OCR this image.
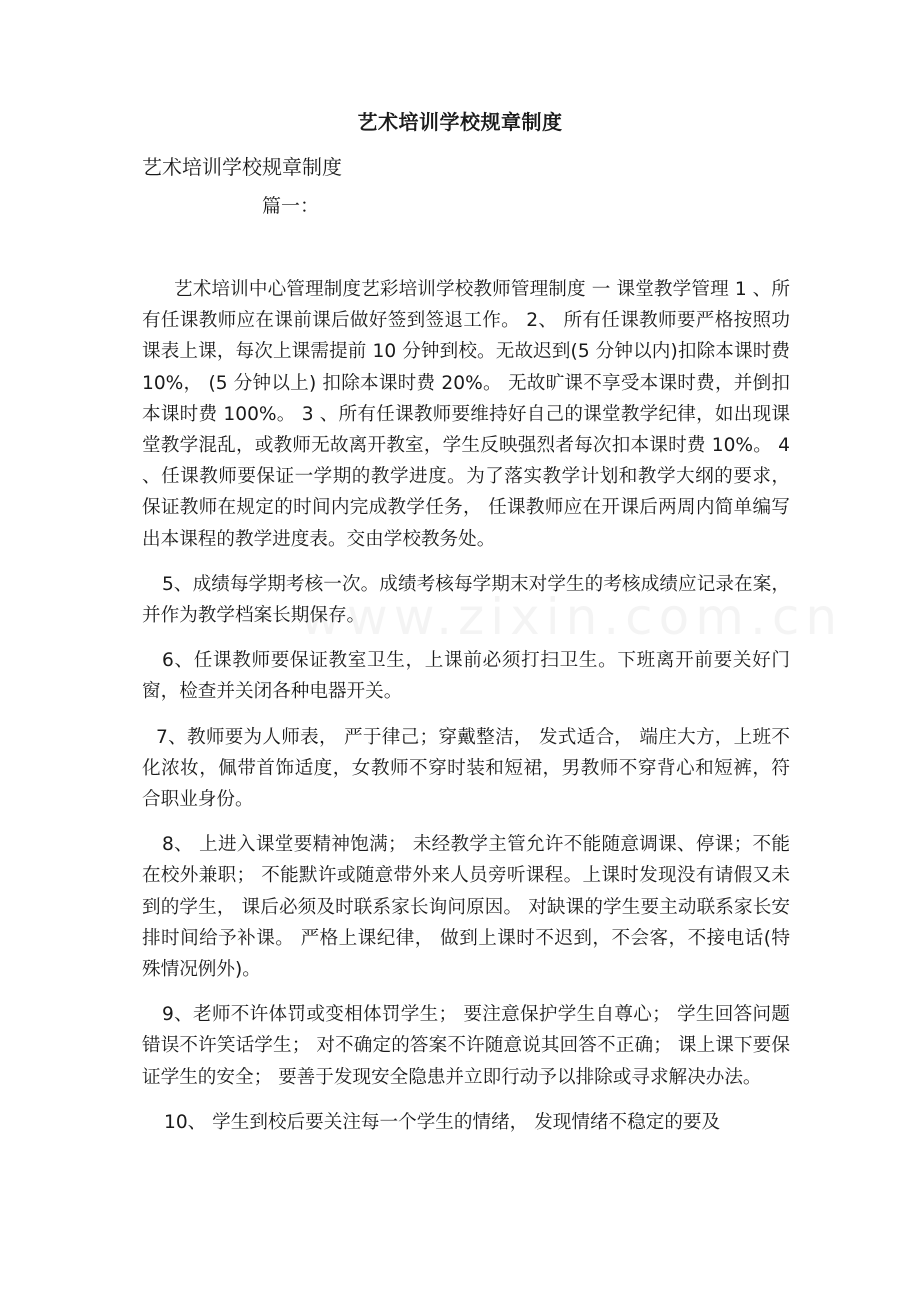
艺术培训学校规章制度
艺术培训学校规章制度
篇一：

艺术培训中心管理制度艺彩培训学校教师管理制度 一 课堂教学管理 1 、所有任课教师应在课前课后做好签到签退工作。 2、 所有任课教师要严格按照功课表上课，每次上课需提前 10 分钟到校。无故迟到(5 分钟以内)扣除本课时费10%， (5 分钟以上) 扣除本课时费 20%。 无故旷课不享受本课时费，并倒扣本课时费 100%。 3 、所有任课教师要维持好自己的课堂教学纪律，如出现课堂教学混乱，或教师无故离开教室，学生反映强烈者每次扣本课时费 10%。 4 、任课教师要保证一学期的教学进度。为了落实教学计划和教学大纲的要求， 保证教师在规定的时间内完成教学任务， 任课教师应在开课后两周内简单编写出本课程的教学进度表。交由学校教务处。

5、成绩每学期考核一次。成绩考核每学期末对学生的考核成绩应记录在案，并作为教学档案长期保存。

6、任课教师要保证教室卫生，上课前必须打扫卫生。下班离开前要关好门窗，检查并关闭各种电器开关。

7、教师要为人师表， 严于律己；穿戴整洁， 发式适合， 端庄大方，上班不化浓妆，佩带首饰适度，女教师不穿时装和短裙，男教师不穿背心和短裤，符合职业身份。

8、 上进入课堂要精神饱满； 未经教学主管允许不能随意调课、停课；不能在校外兼职； 不能默许或随意带外来人员旁听课程。上课时发现没有请假又未到的学生， 课后必须及时联系家长询问原因。 对缺课的学生要主动联系家长安排时间给予补课。 严格上课纪律， 做到上课时不迟到，不会客，不接电话(特殊情况例外)。

9、老师不许体罚或变相体罚学生； 要注意保护学生自尊心； 学生回答问题错误不许笑话学生； 对不确定的答案不许随意说其回答不正确； 课上课下要保证学生的安全； 要善于发现安全隐患并立即行动予以排除或寻求解决办法。

10、 学生到校后要关注每一个学生的情绪， 发现情绪不稳定的要及
